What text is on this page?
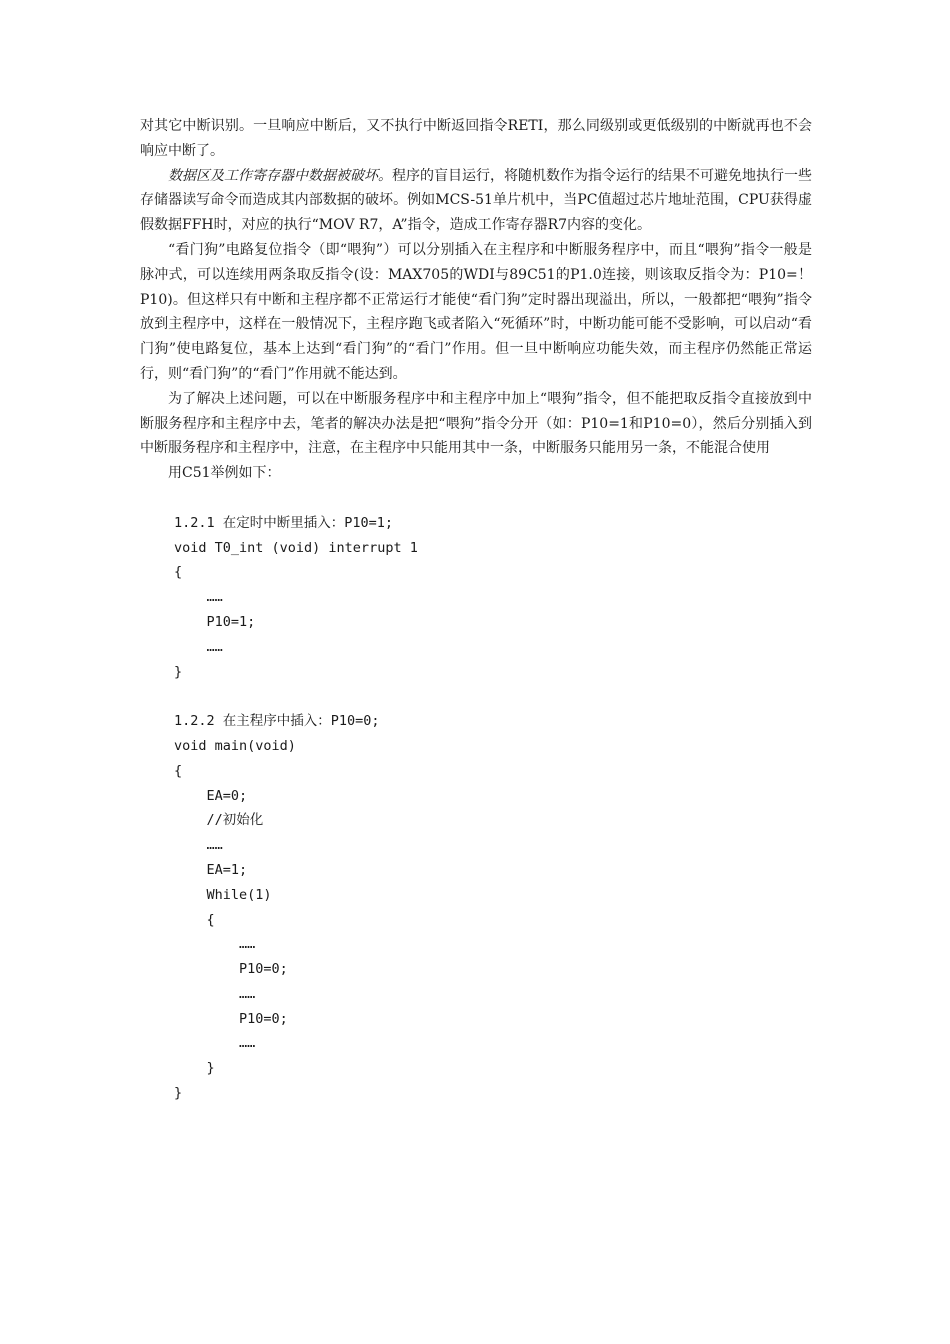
对其它中断识别。一旦响应中断后，又不执行中断返回指令RETI，那么同级别或更低级别的中断就再也不会响应中断了。

数据区及工作寄存器中数据被破坏。程序的盲目运行，将随机数作为指令运行的结果不可避免地执行一些存储器读写命令而造成其内部数据的破坏。例如MCS-51单片机中，当PC值超过芯片地址范围，CPU获得虚假数据FFH时，对应的执行“MOV R7，A”指令，造成工作寄存器R7内容的变化。

“看门狗”电路复位指令（即“喂狗”）可以分别插入在主程序和中断服务程序中，而且“喂狗”指令一般是脉冲式，可以连续用两条取反指令(设：MAX705的WDI与89C51的P1.0连接，则该取反指令为：P10=！P10)。但这样只有中断和主程序都不正常运行才能使“看门狗”定时器出现溢出，所以，一般都把“喂狗”指令放到主程序中，这样在一般情况下，主程序跑飞或者陷入“死循环”时，中断功能可能不受影响，可以启动“看门狗”使电路复位，基本上达到“看门狗”的“看门”作用。但一旦中断响应功能失效，而主程序仍然能正常运行，则“看门狗”的“看门”作用就不能达到。

为了解决上述问题，可以在中断服务程序中和主程序中加上“喂狗”指令，但不能把取反指令直接放到中断服务程序和主程序中去，笔者的解决办法是把“喂狗”指令分开（如：P10=1和P10=0），然后分别插入到中断服务程序和主程序中，注意，在主程序中只能用其中一条，中断服务只能用另一条，不能混合使用

用C51举例如下：

1.2.1 在定时中断里插入：P10=1;
void T0_int (void) interrupt 1
{
……
P10=1;
……
}
1.2.2 在主程序中插入：P10=0;
void main(void)
{
EA=0;
//初始化
……
EA=1;
While(1)
{
……
P10=0;
……
P10=0;
……
}
}
